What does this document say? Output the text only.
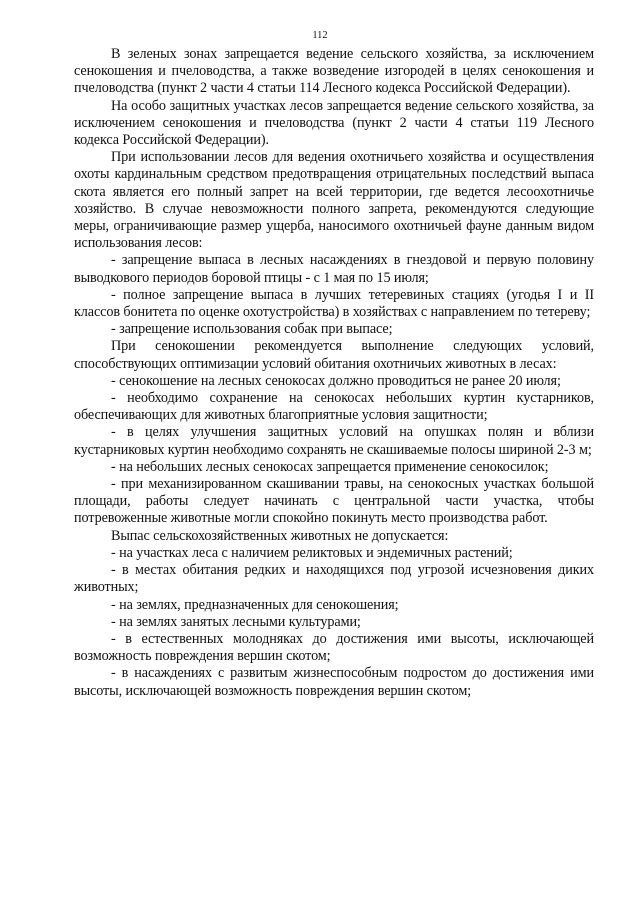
112

В зеленых зонах запрещается ведение сельского хозяйства, за исключением сенокошения и пчеловодства, а также возведение изгородей в целях сенокошения и пчеловодства (пункт 2 части 4 статьи 114 Лесного кодекса Российской Федерации).

На особо защитных участках лесов запрещается ведение сельского хозяйства, за исключением сенокошения и пчеловодства (пункт 2 части 4 статьи 119 Лесного кодекса Российской Федерации).

При использовании лесов для ведения охотничьего хозяйства и осуществления охоты кардинальным средством предотвращения отрицательных последствий выпаса скота является его полный запрет на всей территории, где ведется лесоохотничье хозяйство. В случае невозможности полного запрета, рекомендуются следующие меры, ограничивающие размер ущерба, наносимого охотничьей фауне данным видом использования лесов:

- запрещение выпаса в лесных насаждениях в гнездовой и первую половину выводкового периодов боровой птицы - с 1 мая по 15 июля;

- полное запрещение выпаса в лучших тетеревиных стациях (угодья I и II классов бонитета по оценке охотустройства) в хозяйствах с направлением по тетереву;

- запрещение использования собак при выпасе;

При сенокошении рекомендуется выполнение следующих условий, способствующих оптимизации условий обитания охотничьих животных в лесах:

- сенокошение на лесных сенокосах должно проводиться не ранее 20 июля;

- необходимо сохранение на сенокосах небольших куртин кустарников, обеспечивающих для животных благоприятные условия защитности;

- в целях улучшения защитных условий на опушках полян и вблизи кустарниковых куртин необходимо сохранять не скашиваемые полосы шириной 2-3 м;

- на небольших лесных сенокосах запрещается применение сенокосилок;

- при механизированном скашивании травы, на сенокосных участках большой площади, работы следует начинать с центральной части участка, чтобы потревоженные животные могли спокойно покинуть место производства работ.

Выпас сельскохозяйственных животных не допускается:

- на участках леса с наличием реликтовых и эндемичных растений;

- в местах обитания редких и находящихся под угрозой исчезновения диких животных;

- на землях, предназначенных для сенокошения;

- на землях занятых лесными культурами;

- в естественных молодняках до достижения ими высоты, исключающей возможность повреждения вершин скотом;

- в насаждениях с развитым жизнеспособным подростом до достижения ими высоты, исключающей возможность повреждения вершин скотом;
